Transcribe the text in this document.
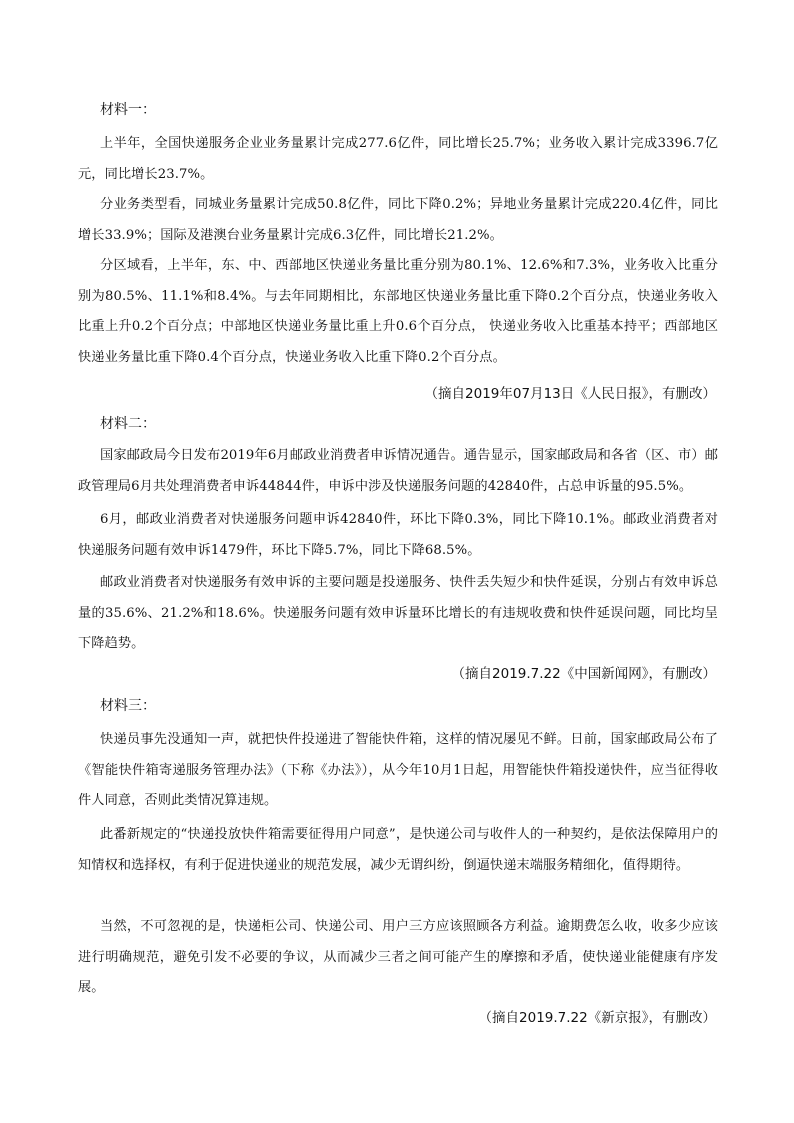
材料一：

上半年，全国快递服务企业业务量累计完成277.6亿件，同比增长25.7%；业务收入累计完成3396.7亿元，同比增长23.7%。

分业务类型看，同城业务量累计完成50.8亿件，同比下降0.2%；异地业务量累计完成220.4亿件，同比增长33.9%；国际及港澳台业务量累计完成6.3亿件，同比增长21.2%。

分区域看，上半年，东、中、西部地区快递业务量比重分别为80.1%、12.6%和7.3%，业务收入比重分别为80.5%、11.1%和8.4%。与去年同期相比，东部地区快递业务量比重下降0.2个百分点，快递业务收入比重上升0.2个百分点；中部地区快递业务量比重上升0.6个百分点， 快递业务收入比重基本持平；西部地区快递业务量比重下降0.4个百分点，快递业务收入比重下降0.2个百分点。

（摘自2019年07月13日《人民日报》，有删改）

材料二：

国家邮政局今日发布2019年6月邮政业消费者申诉情况通告。通告显示，国家邮政局和各省（区、市）邮政管理局6月共处理消费者申诉44844件，申诉中涉及快递服务问题的42840件，占总申诉量的95.5%。

6月，邮政业消费者对快递服务问题申诉42840件，环比下降0.3%，同比下降10.1%。邮政业消费者对快递服务问题有效申诉1479件，环比下降5.7%，同比下降68.5%。

邮政业消费者对快递服务有效申诉的主要问题是投递服务、快件丢失短少和快件延误，分别占有效申诉总量的35.6%、21.2%和18.6%。快递服务问题有效申诉量环比增长的有违规收费和快件延误问题，同比均呈下降趋势。

（摘自2019.7.22《中国新闻网》，有删改）

材料三：

快递员事先没通知一声，就把快件投递进了智能快件箱，这样的情况屡见不鲜。日前，国家邮政局公布了《智能快件箱寄递服务管理办法》（下称《办法》），从今年10月1日起，用智能快件箱投递快件，应当征得收件人同意，否则此类情况算违规。

此番新规定的“快递投放快件箱需要征得用户同意”，是快递公司与收件人的一种契约，是依法保障用户的知情权和选择权，有利于促进快递业的规范发展，减少无谓纠纷，倒逼快递末端服务精细化，值得期待。

当然，不可忽视的是，快递柜公司、快递公司、用户三方应该照顾各方利益。逾期费怎么收，收多少应该进行明确规范，避免引发不必要的争议，从而减少三者之间可能产生的摩擦和矛盾，使快递业能健康有序发展。

（摘自2019.7.22《新京报》，有删改）
